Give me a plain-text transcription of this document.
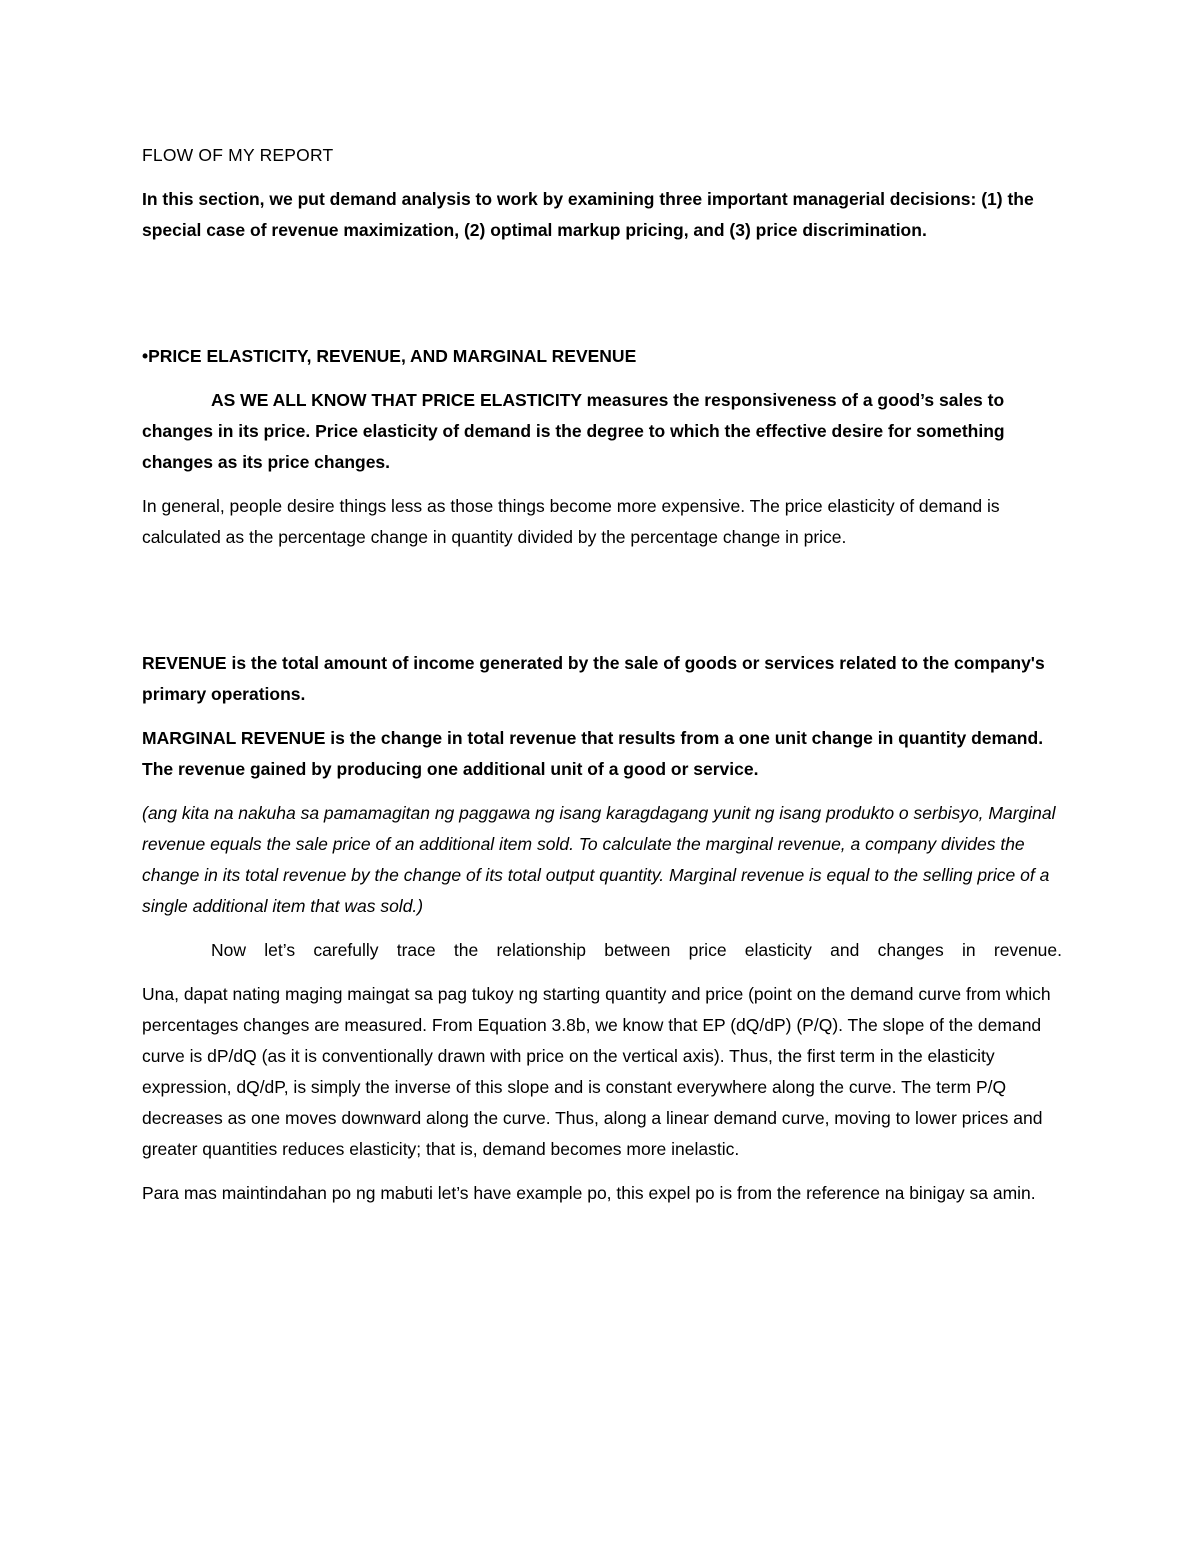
FLOW OF MY REPORT

In this section, we put demand analysis to work by examining three important managerial decisions: (1) the special case of revenue maximization, (2) optimal markup pricing, and (3) price discrimination.

•PRICE ELASTICITY, REVENUE, AND MARGINAL REVENUE

AS WE ALL KNOW THAT PRICE ELASTICITY measures the responsiveness of a good’s sales to changes in its price. Price elasticity of demand is the degree to which the effective desire for something changes as its price changes.

In general, people desire things less as those things become more expensive. The price elasticity of demand is calculated as the percentage change in quantity divided by the percentage change in price.

REVENUE is the total amount of income generated by the sale of goods or services related to the company's primary operations.

MARGINAL REVENUE is the change in total revenue that results from a one unit change in quantity demand. The revenue gained by producing one additional unit of a good or service.

(ang kita na nakuha sa pamamagitan ng paggawa ng isang karagdagang yunit ng isang produkto o serbisyo, Marginal revenue equals the sale price of an additional item sold. To calculate the marginal revenue, a company divides the change in its total revenue by the change of its total output quantity. Marginal revenue is equal to the selling price of a single additional item that was sold.)

Now let’s carefully trace the relationship between price elasticity and changes in revenue.

Una, dapat nating maging maingat sa pag tukoy ng starting quantity and price (point on the demand curve from which percentages changes are measured. From Equation 3.8b, we know that EP (dQ/dP) (P/Q). The slope of the demand curve is dP/dQ (as it is conventionally drawn with price on the vertical axis). Thus, the first term in the elasticity expression, dQ/dP, is simply the inverse of this slope and is constant everywhere along the curve. The term P/Q decreases as one moves downward along the curve. Thus, along a linear demand curve, moving to lower prices and greater quantities reduces elasticity; that is, demand becomes more inelastic.

Para mas maintindahan po ng mabuti let’s have example po, this expel po is from the reference na binigay sa amin.
